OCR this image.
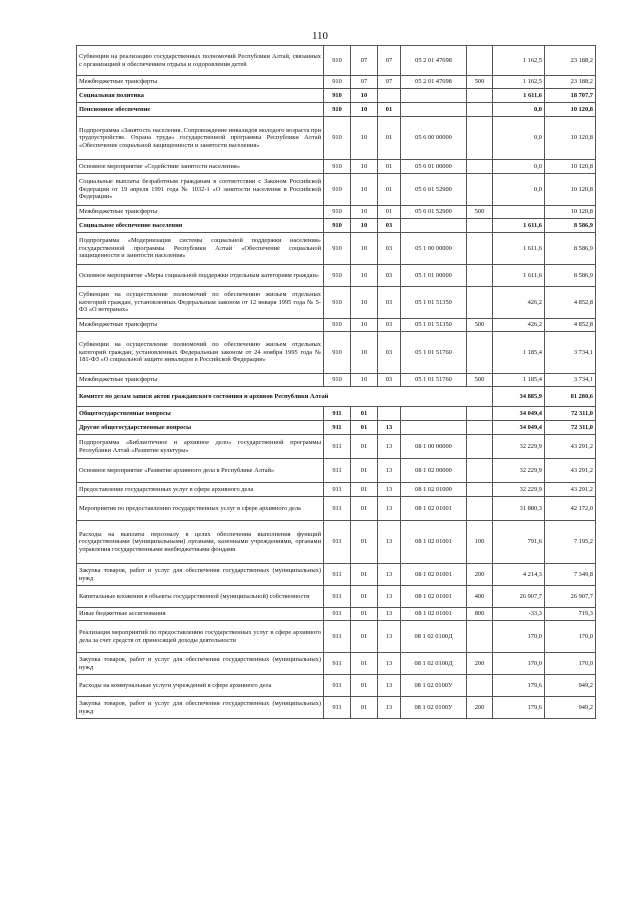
110
Субвенции на реализацию государственных полномочий Республики Алтай, связанных с организацией и обеспечением отдыха и оздоровления детей	910	07	07	05 2 01 47698		1 162,5	23 188,2
Межбюджетные трансферты	910	07	07	05 2 01 47698	500	1 162,5	23 188,2
Социальная политика	910	10				1 611,6	18 707,7
Пенсионное обеспечение	910	10	01			0,0	10 120,8
Подпрограмма «Занятость населения. Сопровождение инвалидов молодого возраста при трудоустройстве. Охрана труда» государственной программы Республики Алтай «Обеспечение социальной защищенности и занятости населения»	910	10	01	05 6 00 00000		0,0	10 120,8
Основное мероприятие «Содействие занятости населения»	910	10	01	05 6 01 00000		0,0	10 120,8
Социальные выплаты безработным гражданам в соответствии с Законом Российской Федерации от 19 апреля 1991 года № 1032-1 «О занятости населения в Российской Федерации»	910	10	01	05 6 01 52900		0,0	10 120,8
Межбюджетные трансферты	910	10	01	05 6 01 52900	500		10 120,8
Социальное обеспечение населения	910	10	03			1 611,6	8 586,9
Подпрограмма «Модернизация системы социальной поддержки населения» государственной программы Республики Алтай «Обеспечение социальной защищенности и занятости населения»	910	10	03	05 1 00 00000		1 611,6	8 586,9
Основное мероприятие «Меры социальной поддержки отдельным категориям граждан»	910	10	03	05 1 01 00000		1 611,6	8 586,9
Субвенции на осуществление полномочий по обеспечению жильем отдельных категорий граждан, установленных Федеральным законом от 12 января 1995 года № 5-ФЗ «О ветеранах»	910	10	03	05 1 01 51350		426,2	4 852,8
Межбюджетные трансферты	910	10	03	05 1 01 51350	500	426,2	4 852,8
Субвенции на осуществление полномочий по обеспечению жильем отдельных категорий граждан, установленных Федеральным законом от 24 ноября 1995 года № 181-ФЗ «О социальной защите инвалидов в Российской Федерации»	910	10	03	05 1 01 51760		1 185,4	3 734,1
Межбюджетные трансферты	910	10	03	05 1 01 51760	500	1 185,4	3 734,1
Комитет по делам записи актов гражданского состояния и архивов Республики Алтай						34 885,9	81 280,6
Общегосударственные вопросы	911	01				34 049,4	72 311,0
Другие общегосударственные вопросы	911	01	13			34 049,4	72 311,0
Подпрограмма «Библиотечное и архивное дело» государственной программы Республики Алтай «Развитие культуры»	911	01	13	08 1 00 00000		32 229,9	43 291,2
Основное мероприятие «Развитие архивного дела в Республике Алтай»	911	01	13	08 1 02 00000		32 229,9	43 291,2
Предоставление государственных услуг в сфере архивного дела	911	01	13	08 1 02 01000		32 229,9	43 291,2
Мероприятия по предоставлению государственных услуг в сфере архивного дела	911	01	13	08 1 02 01001		31 880,3	42 172,0
Расходы на выплаты персоналу в целях обеспечения выполнения функций государственными (муниципальными) органами, казенными учреждениями, органами управления государственными внебюджетными фондами	911	01	13	08 1 02 01001	100	791,6	7 195,2
Закупка товаров, работ и услуг для обеспечения государственных (муниципальных) нужд	911	01	13	08 1 02 01001	200	4 214,3	7 349,8
Капитальные вложения в объекты государственной (муниципальной) собственности	911	01	13	08 1 02 01001	400	26 907,7	26 907,7
Иные бюджетные ассигнования	911	01	13	08 1 02 01001	800	-33,3	719,3
Реализация мероприятий по предоставлению государственных услуг в сфере архивного дела за счет средств от приносящей доходы деятельности	911	01	13	08 1 02 0100Д		170,0	170,0
Закупка товаров, работ и услуг для обеспечения государственных (муниципальных) нужд	911	01	13	08 1 02 0100Д	200	170,0	170,0
Расходы на коммунальные услуги учреждений в сфере архивного дела	911	01	13	08 1 02 0100У		179,6	949,2
Закупка товаров, работ и услуг для обеспечения государственных (муниципальных) нужд	911	01	13	08 1 02 0100У	200	179,6	949,2
